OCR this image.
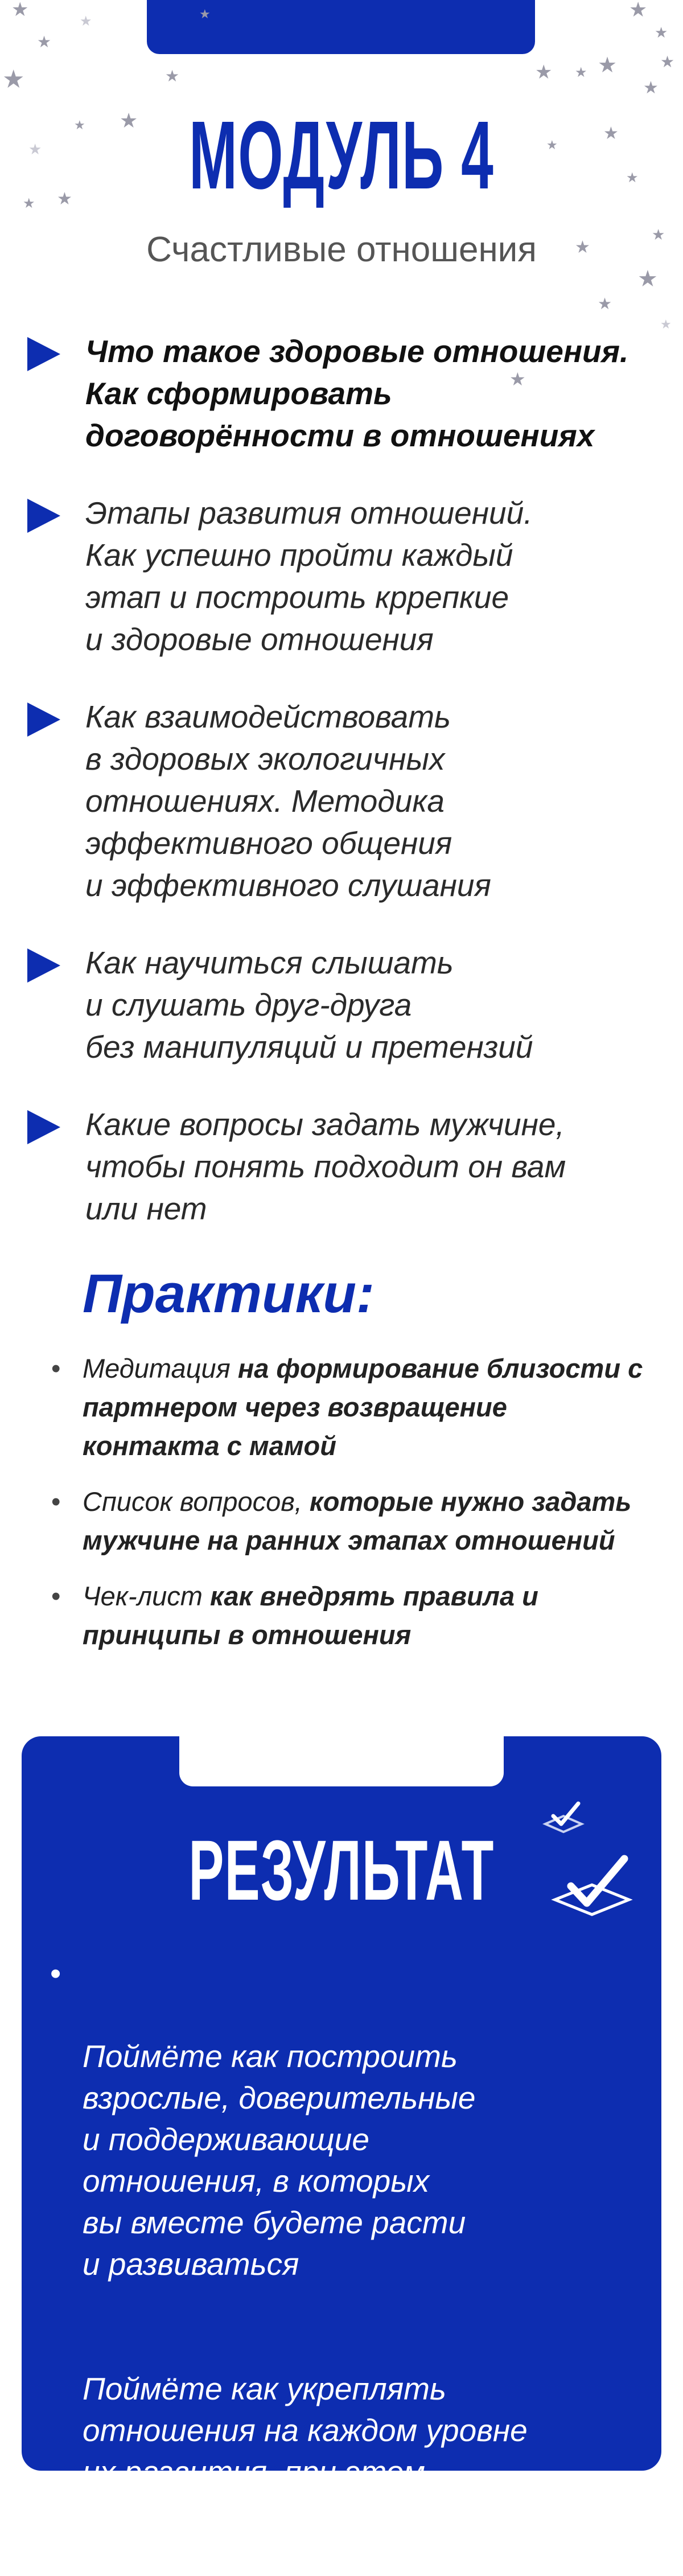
★
★
★
★
★
★
★
★
★
★
★	★
★
★ ★ ★
★
★
★
★
★
★
★
★
★
★
★
МОДУЛЬ 4
Счастливые отношения
Что такое здоровые отношения.
Как сформировать
договорённости в отношениях
Этапы развития отношений.
Как успешно пройти каждый
этап и построить кррепкие
и здоровые отношения
Как взаимодействовать
в здоровых экологичных
отношениях. Методика
эффективного общения
и эффективного слушания
Как научиться слышать
и слушать друг-друга
без манипуляций и претензий
Какие вопросы задать мужчине,
чтобы понять подходит он вам
или нет
Практики:
• Медитация на формирование близости с партнером через возвращение контакта с мамой
• Список вопросов, которые нужно задать мужчине на ранних этапах отношений
• Чек-лист как внедрять правила и принципы в отношения
РЕЗУЛЬТАТ

•

Поймёте как построить
взрослые, доверительные
и поддерживающие
отношения, в которых
вы вместе будете расти
и развиваться

Поймёте как укреплять
отношения на каждом уровне
их развития, при этом
не потерять себя в них
